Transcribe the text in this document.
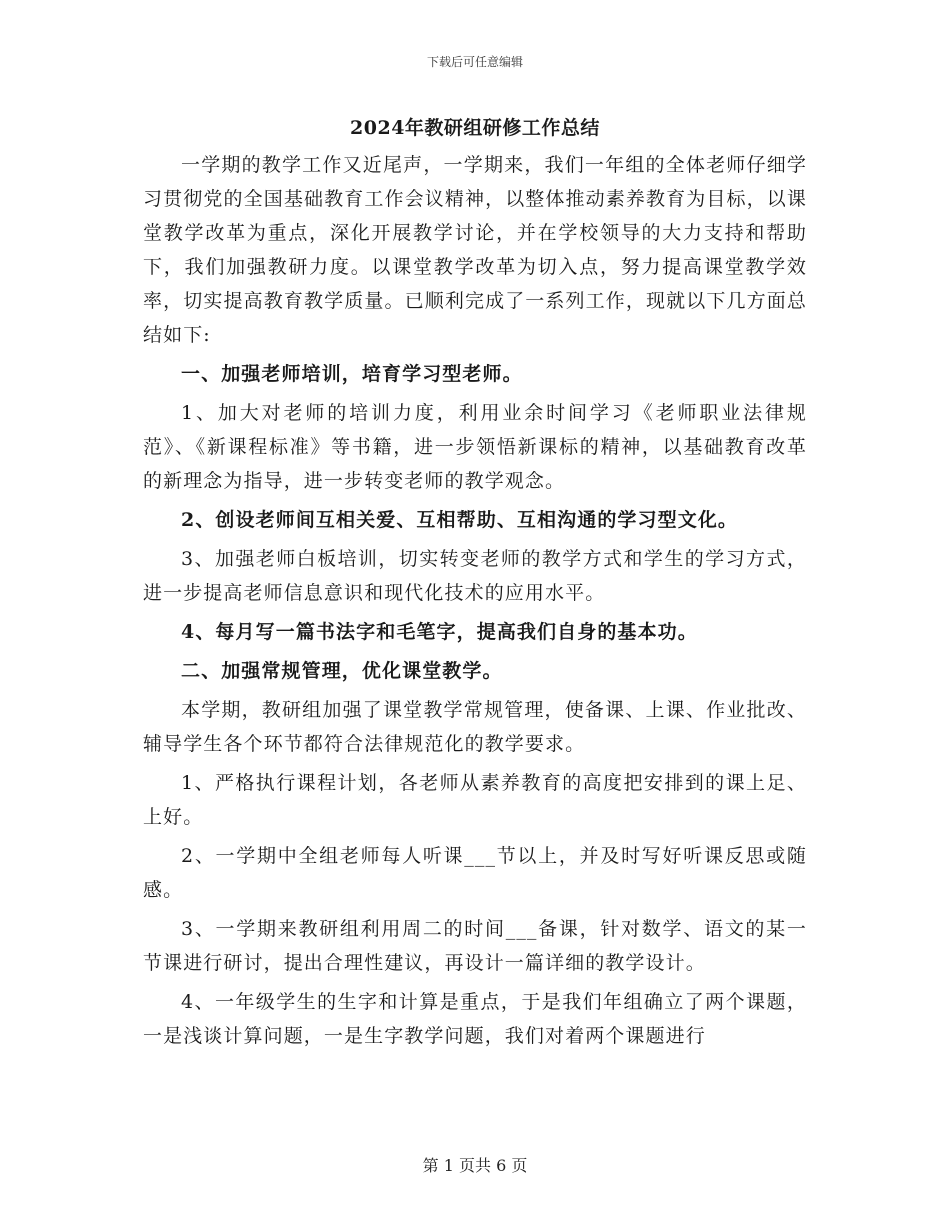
下载后可任意编辑
2024年教研组研修工作总结

一学期的教学工作又近尾声，一学期来，我们一年组的全体老师仔细学习贯彻党的全国基础教育工作会议精神，以整体推动素养教育为目标，以课堂教学改革为重点，深化开展教学讨论，并在学校领导的大力支持和帮助下，我们加强教研力度。以课堂教学改革为切入点，努力提高课堂教学效率，切实提高教育教学质量。已顺利完成了一系列工作，现就以下几方面总结如下:

一、加强老师培训，培育学习型老师。

1、加大对老师的培训力度，利用业余时间学习《老师职业法律规范》、《新课程标准》等书籍，进一步领悟新课标的精神，以基础教育改革的新理念为指导，进一步转变老师的教学观念。

2、创设老师间互相关爱、互相帮助、互相沟通的学习型文化。

3、加强老师白板培训，切实转变老师的教学方式和学生的学习方式，进一步提高老师信息意识和现代化技术的应用水平。

4、每月写一篇书法字和毛笔字，提高我们自身的基本功。

二、加强常规管理，优化课堂教学。

本学期，教研组加强了课堂教学常规管理，使备课、上课、作业批改、辅导学生各个环节都符合法律规范化的教学要求。

1、严格执行课程计划，各老师从素养教育的高度把安排到的课上足、上好。

2、一学期中全组老师每人听课___节以上，并及时写好听课反思或随感。

3、一学期来教研组利用周二的时间___备课，针对数学、语文的某一节课进行研讨，提出合理性建议，再设计一篇详细的教学设计。

4、一年级学生的生字和计算是重点，于是我们年组确立了两个课题，一是浅谈计算问题，一是生字教学问题，我们对着两个课题进行

第 1 页共 6 页
